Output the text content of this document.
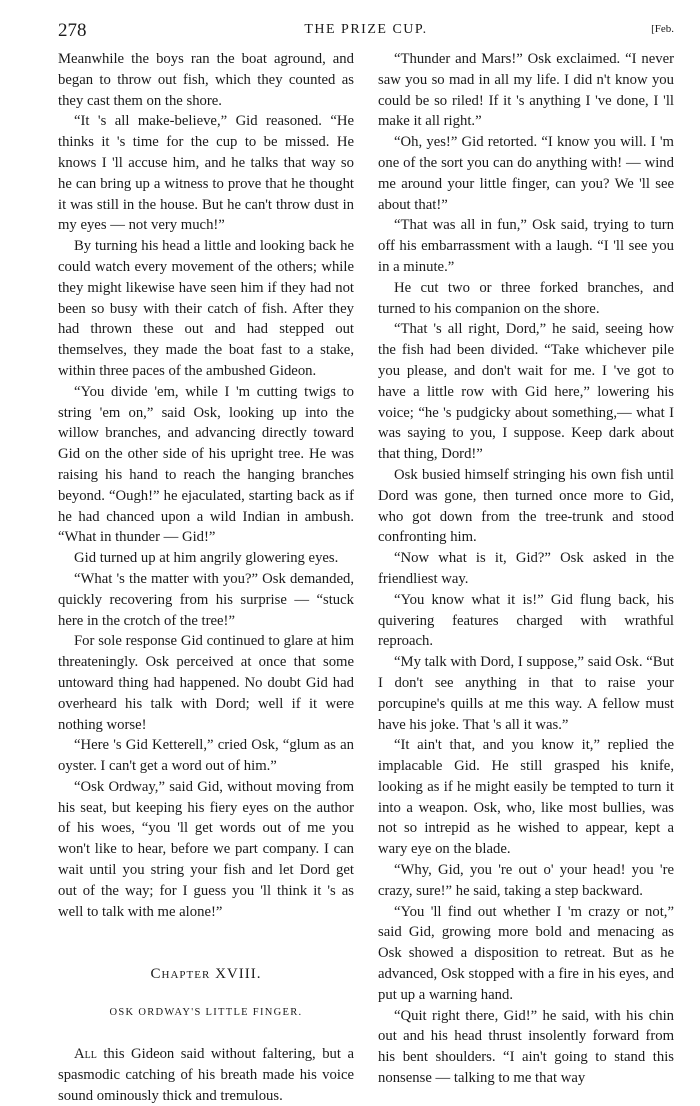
278	THE PRIZE CUP.	[Feb.

Meanwhile the boys ran the boat aground, and began to throw out fish, which they counted as they cast them on the shore.

“It 's all make-believe,” Gid reasoned. “He thinks it 's time for the cup to be missed. He knows I 'll accuse him, and he talks that way so he can bring up a witness to prove that he thought it was still in the house. But he can't throw dust in my eyes — not very much!”

By turning his head a little and looking back he could watch every movement of the others; while they might likewise have seen him if they had not been so busy with their catch of fish. After they had thrown these out and had stepped out themselves, they made the boat fast to a stake, within three paces of the ambushed Gideon.

“You divide 'em, while I 'm cutting twigs to string 'em on,” said Osk, looking up into the willow branches, and advancing directly toward Gid on the other side of his upright tree. He was raising his hand to reach the hanging branches beyond. “Ough!” he ejaculated, starting back as if he had chanced upon a wild Indian in ambush. “What in thunder — Gid!”

Gid turned up at him angrily glowering eyes.

“What 's the matter with you?” Osk demanded, quickly recovering from his surprise — “stuck here in the crotch of the tree!”

For sole response Gid continued to glare at him threateningly. Osk perceived at once that some untoward thing had happened. No doubt Gid had overheard his talk with Dord; well if it were nothing worse!

“Here 's Gid Ketterell,” cried Osk, “glum as an oyster. I can't get a word out of him.”

“Osk Ordway,” said Gid, without moving from his seat, but keeping his fiery eyes on the author of his woes, “you 'll get words out of me you won't like to hear, before we part company. I can wait until you string your fish and let Dord get out of the way; for I guess you 'll think it 's as well to talk with me alone!”

Chapter XVIII.
OSK ORDWAY'S LITTLE FINGER.

All this Gideon said without faltering, but a spasmodic catching of his breath made his voice sound ominously thick and tremulous.

“Thunder and Mars!” Osk exclaimed. “I never saw you so mad in all my life. I did n't know you could be so riled! If it 's anything I 've done, I 'll make it all right.”

“Oh, yes!” Gid retorted. “I know you will. I 'm one of the sort you can do anything with! — wind me around your little finger, can you? We 'll see about that!”

“That was all in fun,” Osk said, trying to turn off his embarrassment with a laugh. “I 'll see you in a minute.”

He cut two or three forked branches, and turned to his companion on the shore.

“That 's all right, Dord,” he said, seeing how the fish had been divided. “Take whichever pile you please, and don't wait for me. I 've got to have a little row with Gid here,” lowering his voice; “he 's pudgicky about something,— what I was saying to you, I suppose. Keep dark about that thing, Dord!”

Osk busied himself stringing his own fish until Dord was gone, then turned once more to Gid, who got down from the tree-trunk and stood confronting him.

“Now what is it, Gid?” Osk asked in the friendliest way.

“You know what it is!” Gid flung back, his quivering features charged with wrathful reproach.

“My talk with Dord, I suppose,” said Osk. “But I don't see anything in that to raise your porcupine's quills at me this way. A fellow must have his joke. That 's all it was.”

“It ain't that, and you know it,” replied the implacable Gid. He still grasped his knife, looking as if he might easily be tempted to turn it into a weapon. Osk, who, like most bullies, was not so intrepid as he wished to appear, kept a wary eye on the blade.

“Why, Gid, you 're out o' your head! you 're crazy, sure!” he said, taking a step backward.

“You 'll find out whether I 'm crazy or not,” said Gid, growing more bold and menacing as Osk showed a disposition to retreat. But as he advanced, Osk stopped with a fire in his eyes, and put up a warning hand.

“Quit right there, Gid!” he said, with his chin out and his head thrust insolently forward from his bent shoulders. “I ain't going to stand this nonsense — talking to me that way
